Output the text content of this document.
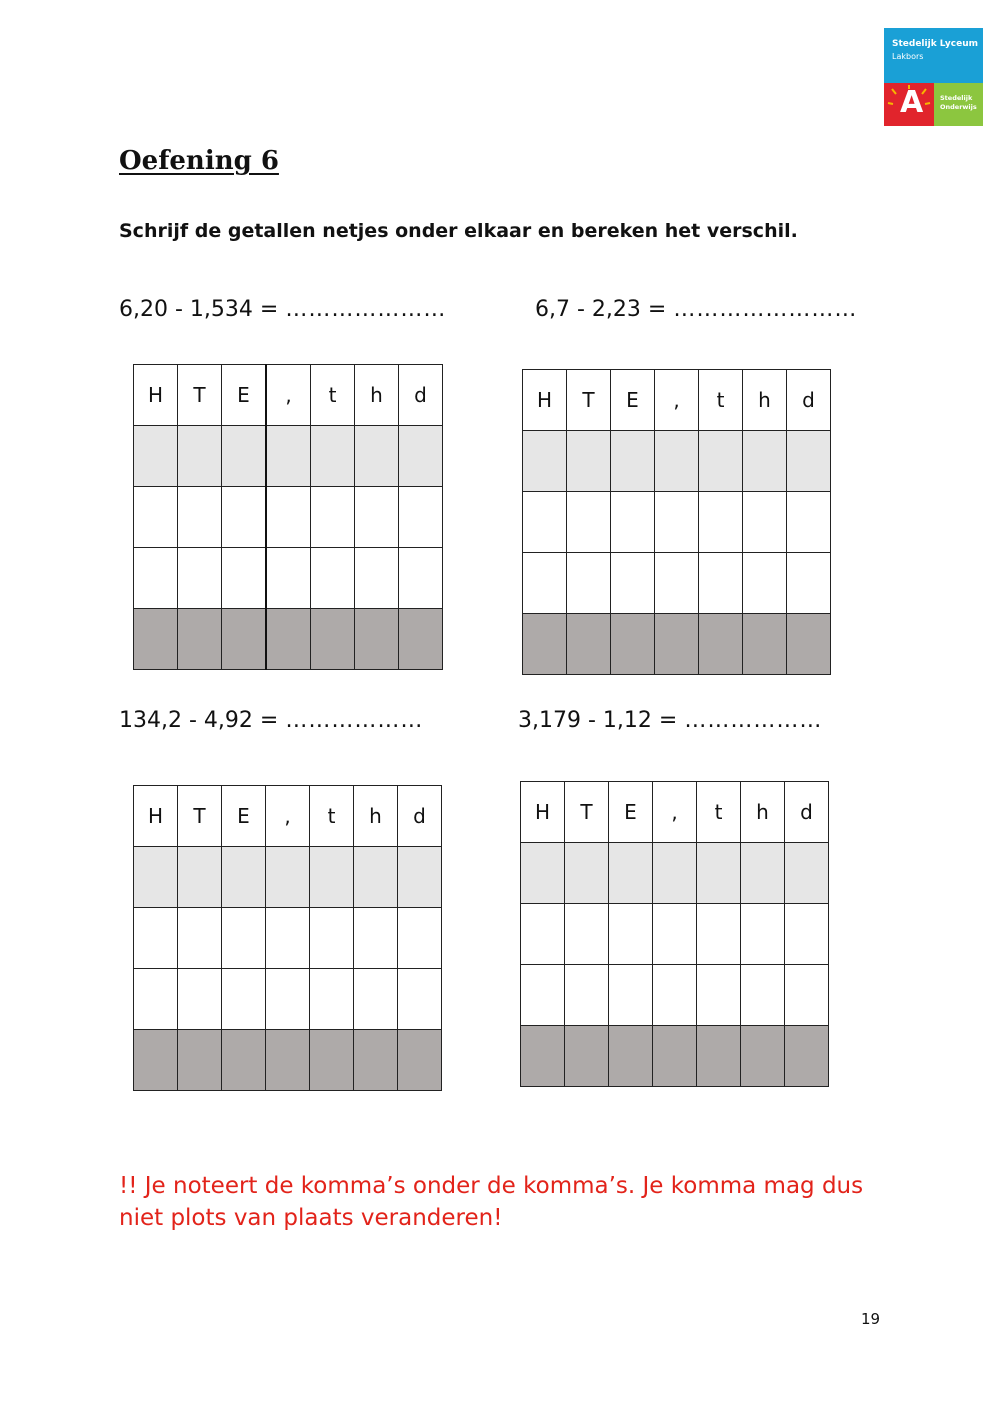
Stedelijk Lyceum
Lakbors
A	Stedelijk
Onderwijs
Oefening 6
Schrijf de getallen netjes onder elkaar en bereken het verschil.
6,20 - 1,534 = …………………	6,7 - 2,23 = ……………………
134,2 - 4,92 = ………………	3,179 - 1,12 = ………………
H	T	E	,	t	h	d

							H	T	E	,	t	h	d

H	T	E	,	t	h	d

							H	T	E	,	t	h	d

!! Je noteert de komma’s onder de komma’s. Je komma mag dus niet plots van plaats veranderen!
19
